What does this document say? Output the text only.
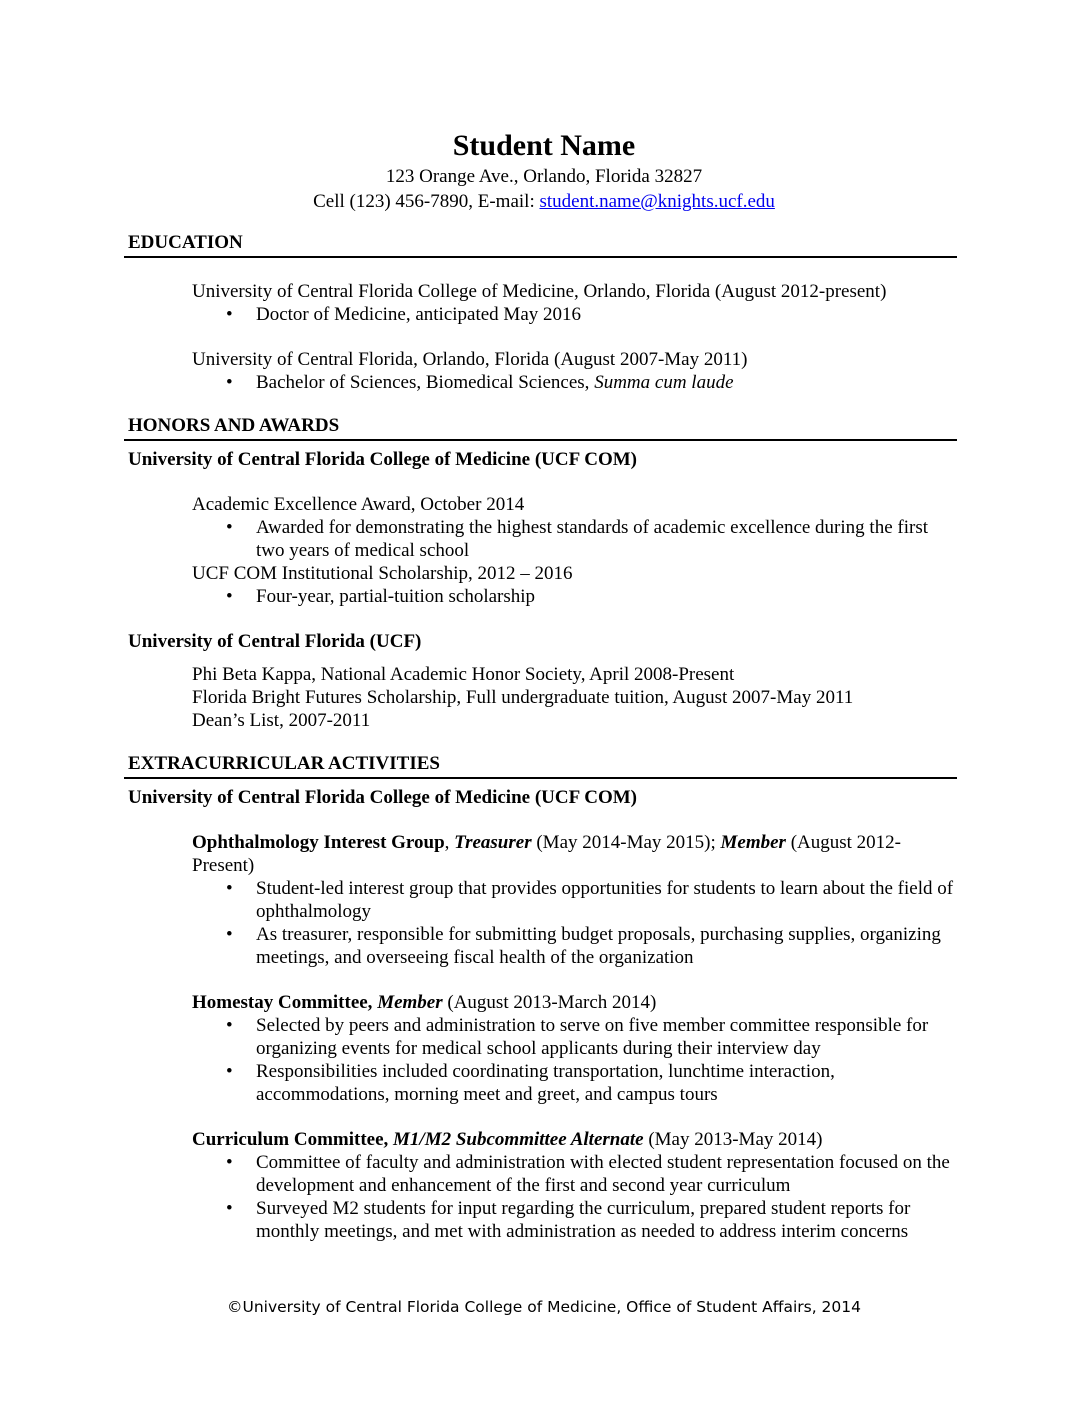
Student Name
123 Orange Ave., Orlando, Florida 32827
Cell (123) 456-7890, E-mail: student.name@knights.ucf.edu
EDUCATION
University of Central Florida College of Medicine, Orlando, Florida (August 2012-present)
• Doctor of Medicine, anticipated May 2016
University of Central Florida, Orlando, Florida (August 2007-May 2011)
• Bachelor of Sciences, Biomedical Sciences, Summa cum laude
HONORS AND AWARDS
University of Central Florida College of Medicine (UCF COM)
Academic Excellence Award, October 2014
• Awarded for demonstrating the highest standards of academic excellence during the first two years of medical school
UCF COM Institutional Scholarship, 2012 – 2016
• Four-year, partial-tuition scholarship
University of Central Florida (UCF)
Phi Beta Kappa, National Academic Honor Society, April 2008-Present
Florida Bright Futures Scholarship, Full undergraduate tuition, August 2007-May 2011
Dean’s List, 2007-2011
EXTRACURRICULAR ACTIVITIES
University of Central Florida College of Medicine (UCF COM)
Ophthalmology Interest Group, Treasurer (May 2014-May 2015); Member (August 2012-Present)
• Student-led interest group that provides opportunities for students to learn about the field of ophthalmology
• As treasurer, responsible for submitting budget proposals, purchasing supplies, organizing meetings, and overseeing fiscal health of the organization
Homestay Committee, Member (August 2013-March 2014)
• Selected by peers and administration to serve on five member committee responsible for organizing events for medical school applicants during their interview day
• Responsibilities included coordinating transportation, lunchtime interaction, accommodations, morning meet and greet, and campus tours
Curriculum Committee, M1/M2 Subcommittee Alternate (May 2013-May 2014)
• Committee of faculty and administration with elected student representation focused on the development and enhancement of the first and second year curriculum
• Surveyed M2 students for input regarding the curriculum, prepared student reports for monthly meetings, and met with administration as needed to address interim concerns
©University of Central Florida College of Medicine, Office of Student Affairs, 2014
